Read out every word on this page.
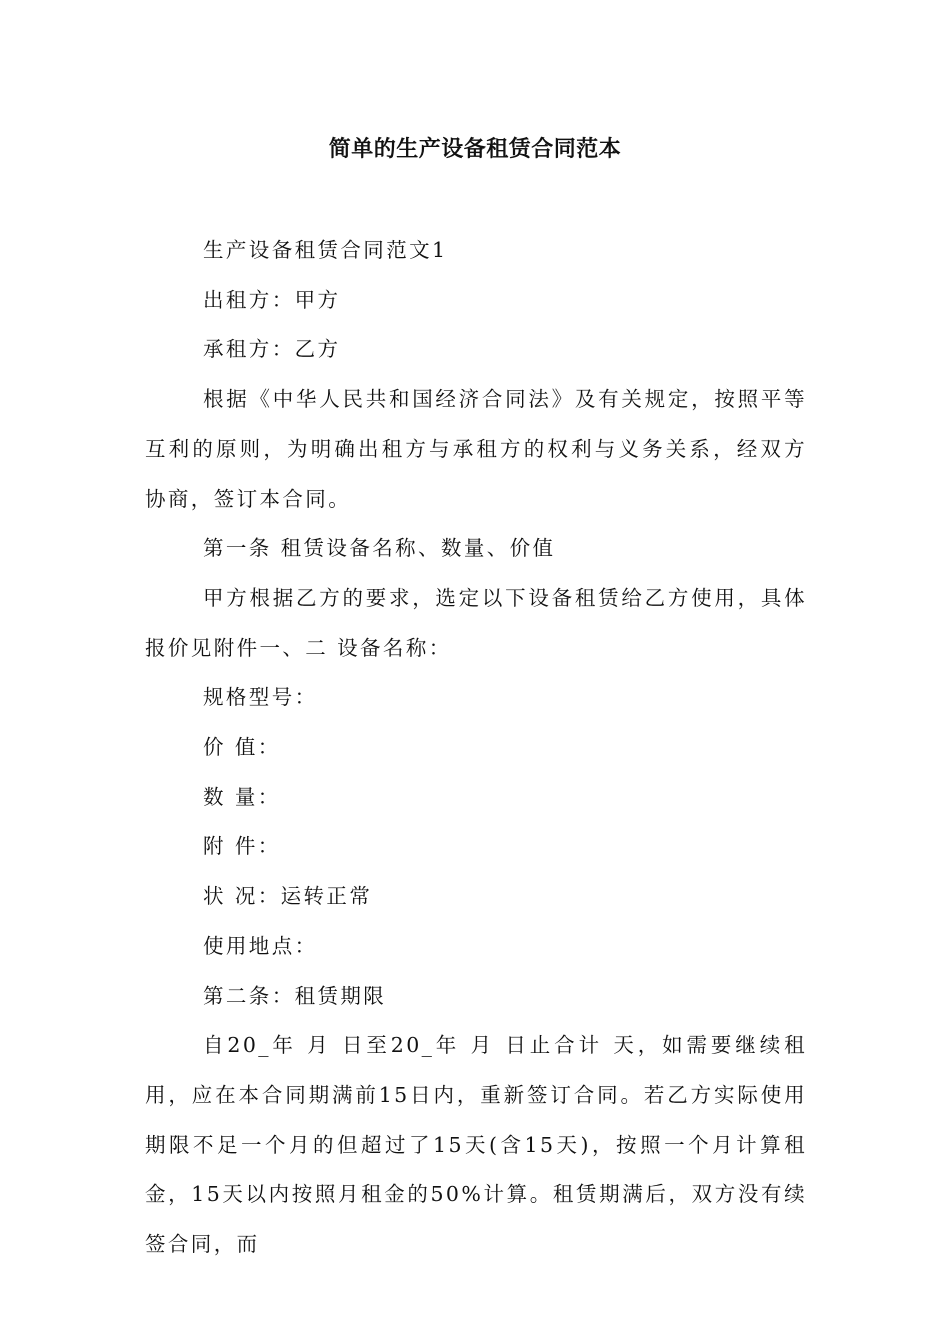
简单的生产设备租赁合同范本

生产设备租赁合同范文1

出租方：甲方

承租方：乙方

根据《中华人民共和国经济合同法》及有关规定，按照平等互利的原则，为明确出租方与承租方的权利与义务关系，经双方协商，签订本合同。

第一条 租赁设备名称、数量、价值

甲方根据乙方的要求，选定以下设备租赁给乙方使用，具体报价见附件一、二 设备名称：

规格型号：

价 值：

数 量：

附 件：

状 况：运转正常

使用地点：

第二条：租赁期限

自20_年 月 日至20_年 月 日止合计 天，如需要继续租用，应在本合同期满前15日内，重新签订合同。若乙方实际使用期限不足一个月的但超过了15天(含15天)，按照一个月计算租金，15天以内按照月租金的50%计算。租赁期满后，双方没有续签合同，而
